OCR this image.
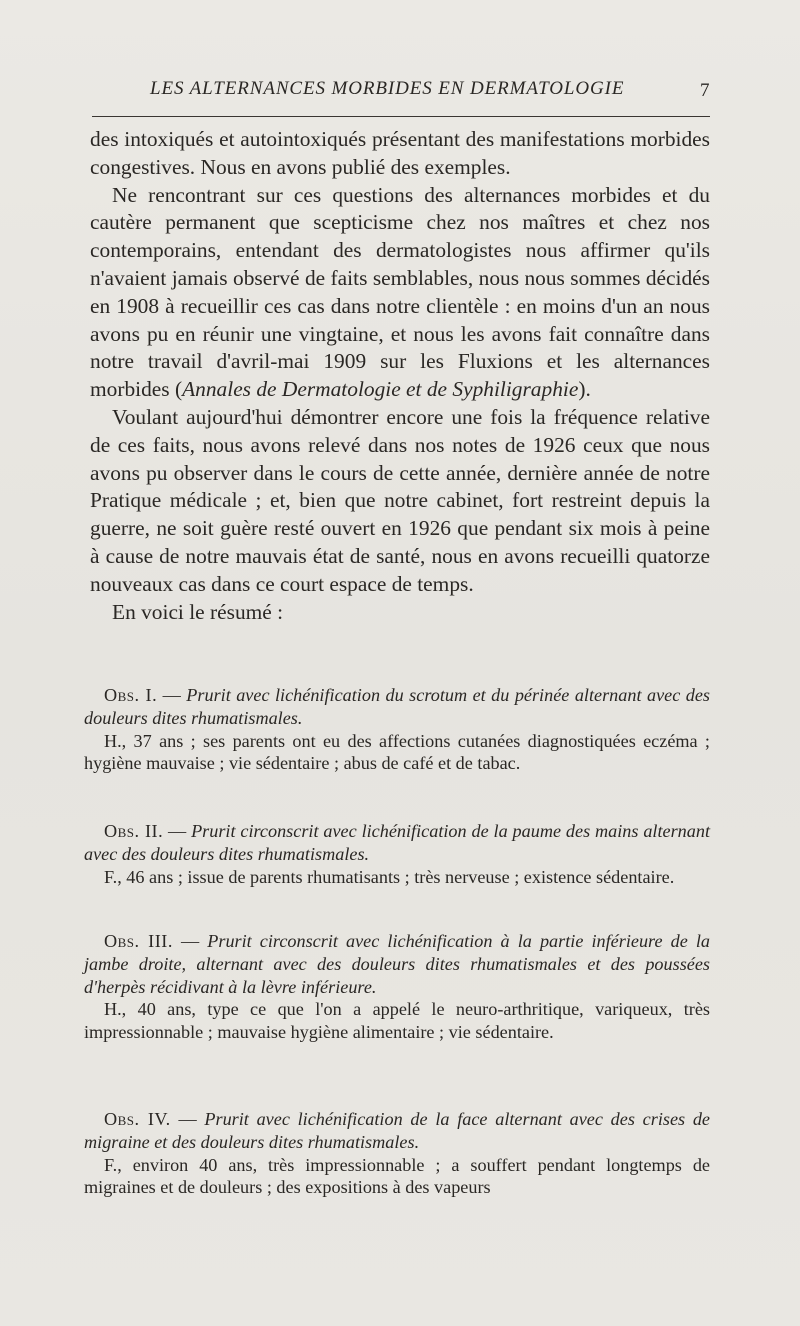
LES ALTERNANCES MORBIDES EN DERMATOLOGIE	7

des intoxiqués et autointoxiqués présentant des manifestations morbides congestives. Nous en avons publié des exemples.

Ne rencontrant sur ces questions des alternances morbides et du cautère permanent que scepticisme chez nos maîtres et chez nos contemporains, entendant des dermatologistes nous affirmer qu'ils n'avaient jamais observé de faits semblables, nous nous sommes décidés en 1908 à recueillir ces cas dans notre clientèle : en moins d'un an nous avons pu en réunir une vingtaine, et nous les avons fait connaître dans notre travail d'avril-mai 1909 sur les Fluxions et les alternances morbides (Annales de Dermatologie et de Syphiligraphie).

Voulant aujourd'hui démontrer encore une fois la fréquence relative de ces faits, nous avons relevé dans nos notes de 1926 ceux que nous avons pu observer dans le cours de cette année, dernière année de notre Pratique médicale ; et, bien que notre cabinet, fort restreint depuis la guerre, ne soit guère resté ouvert en 1926 que pendant six mois à peine à cause de notre mauvais état de santé, nous en avons recueilli quatorze nouveaux cas dans ce court espace de temps.

En voici le résumé :

Obs. I. — Prurit avec lichénification du scrotum et du périnée alternant avec des douleurs dites rhumatismales.

H., 37 ans ; ses parents ont eu des affections cutanées diagnostiquées eczéma ; hygiène mauvaise ; vie sédentaire ; abus de café et de tabac.

Obs. II. — Prurit circonscrit avec lichénification de la paume des mains alternant avec des douleurs dites rhumatismales.

F., 46 ans ; issue de parents rhumatisants ; très nerveuse ; existence sédentaire.

Obs. III. — Prurit circonscrit avec lichénification à la partie inférieure de la jambe droite, alternant avec des douleurs dites rhumatismales et des poussées d'herpès récidivant à la lèvre inférieure.

H., 40 ans, type ce que l'on a appelé le neuro-arthritique, variqueux, très impressionnable ; mauvaise hygiène alimentaire ; vie sédentaire.

Obs. IV. — Prurit avec lichénification de la face alternant avec des crises de migraine et des douleurs dites rhumatismales.

F., environ 40 ans, très impressionnable ; a souffert pendant longtemps de migraines et de douleurs ; des expositions à des vapeurs
